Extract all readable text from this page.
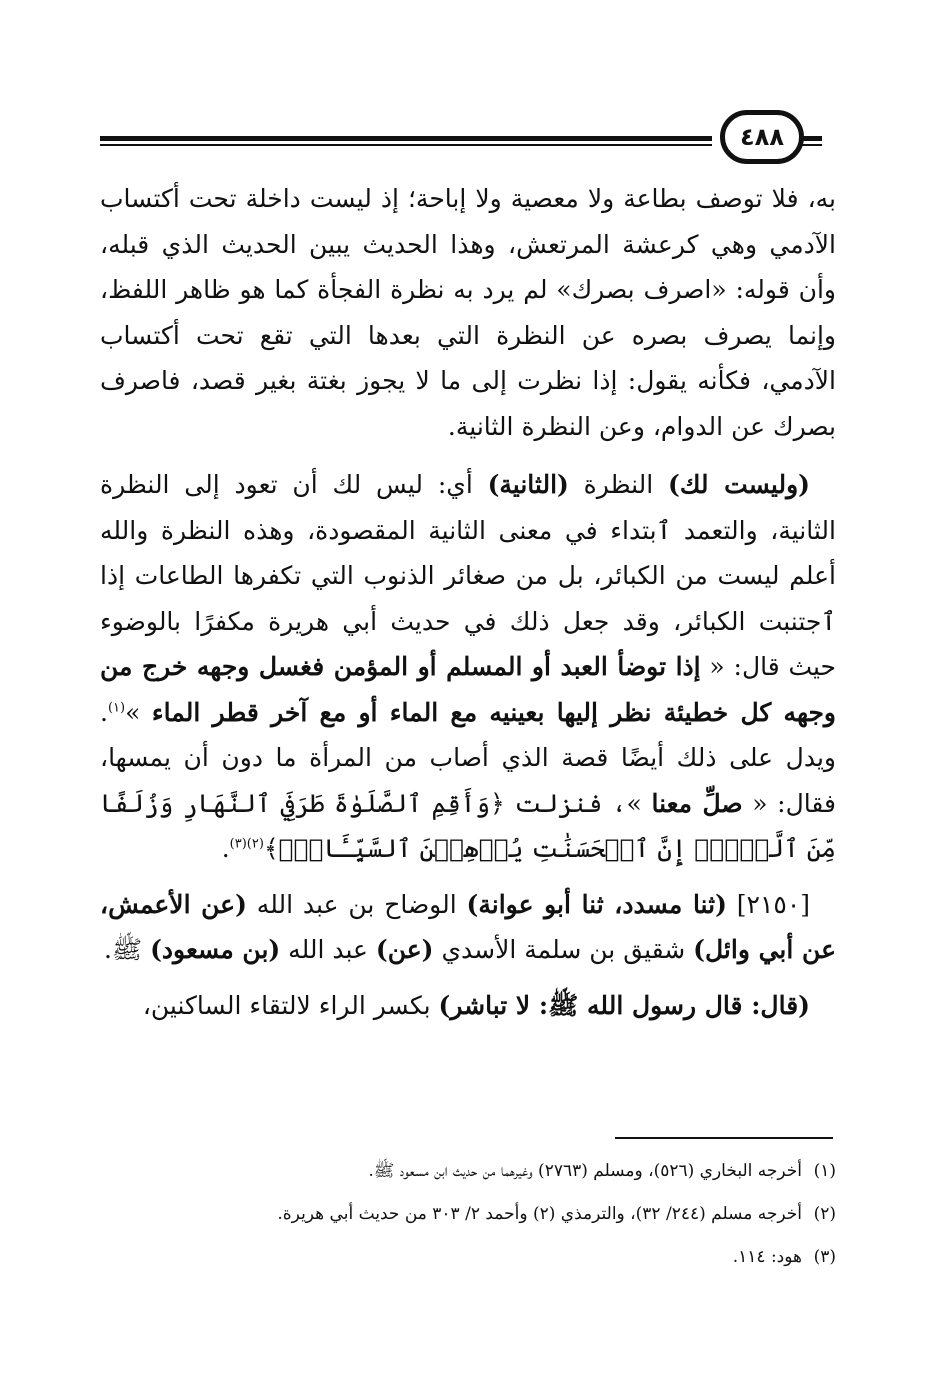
٤٨٨

به، فلا توصف بطاعة ولا معصية ولا إباحة؛ إذ ليست داخلة تحت أكتساب الآدمي وهي كرعشة المرتعش، وهذا الحديث يبين الحديث الذي قبله، وأن قوله: «اصرف بصرك» لم يرد به نظرة الفجأة كما هو ظاهر اللفظ، وإنما يصرف بصره عن النظرة التي بعدها التي تقع تحت أكتساب الآدمي، فكأنه يقول: إذا نظرت إلى ما لا يجوز بغتة بغير قصد، فاصرف بصرك عن الدوام، وعن النظرة الثانية.

(وليست لك) النظرة (الثانية) أي: ليس لك أن تعود إلى النظرة الثانية، والتعمد ٱبتداء في معنى الثانية المقصودة، وهذه النظرة والله أعلم ليست من الكبائر، بل من صغائر الذنوب التي تكفرها الطاعات إذا ٱجتنبت الكبائر، وقد جعل ذلك في حديث أبي هريرة مكفرًا بالوضوء حيث قال: « إذا توضأ العبد أو المسلم أو المؤمن فغسل وجهه خرج من وجهه كل خطيئة نظر إليها بعينيه مع الماء أو مع آخر قطر الماء »$^{(١)}$. ويدل على ذلك أيضًا قصة الذي أصاب من المرأة ما دون أن يمسها، فقال: « صلِّ معنا »، فنزلت ﴿وَأَقِمِ ٱلصَّلَوٰةَ طَرَفَيِ ٱلنَّهَارِ وَزُلَفًا مِّنَ ٱلَّيۡلِۚ إِنَّ ٱلۡحَسَنَٰتِ يُذۡهِبۡنَ ٱلسَّيِّـَٔاتِۚ﴾$^{(٢)(٣)}$.

[٢١٥٠] (ثنا مسدد، ثنا أبو عوانة) الوضاح بن عبد الله (عن الأعمش، عن أبي وائل) شقيق بن سلمة الأسدي (عن) عبد الله (بن مسعود) ﷺ.

(قال: قال رسول الله ﷺ: لا تباشر) بكسر الراء لالتقاء الساكنين،

(١)أخرجه البخاري (٥٢٦)، ومسلم (٢٧٦٣) وغيرهما من حديث ابن مسعود ﷺ.
(٢)أخرجه مسلم (٢٤٤/ ٣٢)، والترمذي (٢) وأحمد ٢/ ٣٠٣ من حديث أبي هريرة.
(٣)هود: ١١٤.
